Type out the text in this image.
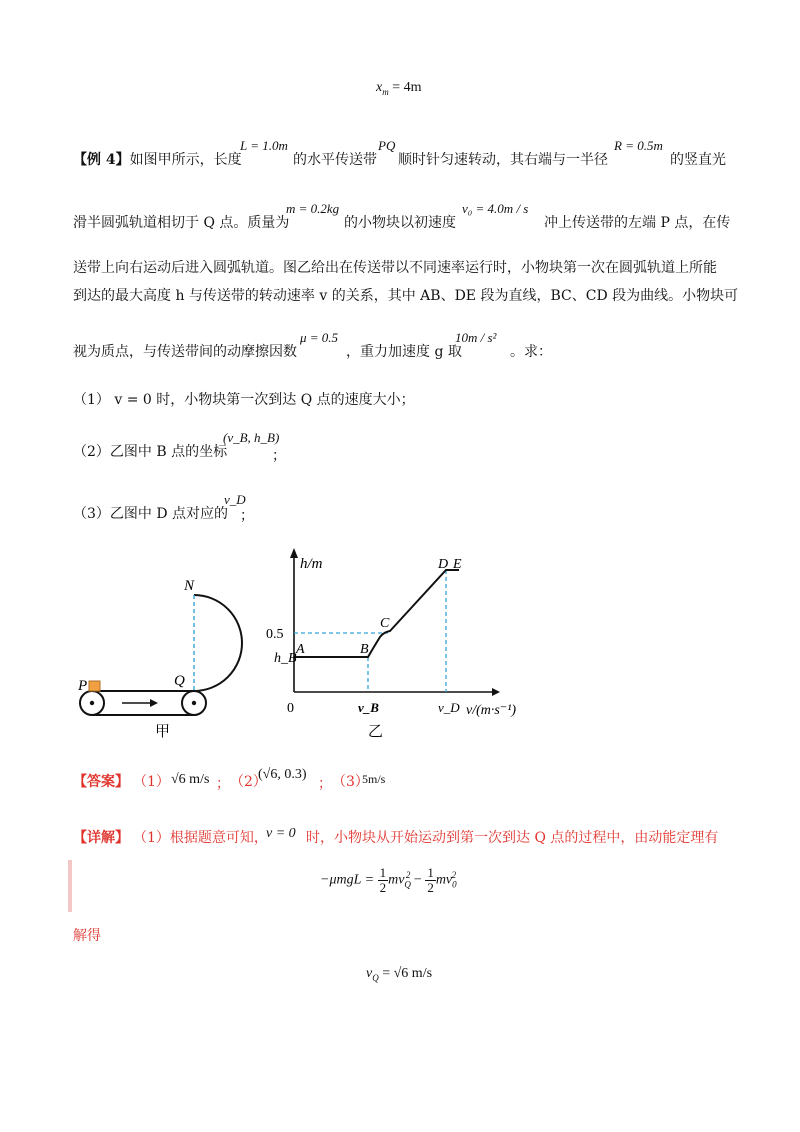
$x_m = 4m$
【例 4】如图甲所示，长度
L = 1.0m
的水平传送带
PQ
顺时针匀速转动，其右端与一半径
R = 0.5m
的竖直光
滑半圆弧轨道相切于 Q 点。质量为
m = 0.2kg
的小物块以初速度
v₀ = 4.0m / s
冲上传送带的左端 P 点，在传
送带上向右运动后进入圆弧轨道。图乙给出在传送带以不同速率运行时，小物块第一次在圆弧轨道上所能
到达的最大高度 h 与传送带的转动速率 v 的关系，其中 AB、DE 段为直线，BC、CD 段为曲线。小物块可
视为质点，与传送带间的动摩擦因数
μ = 0.5
，重力加速度 g 取
10m / s²
。求：
（1） v = 0 时，小物块第一次到达 Q 点的速度大小；
（2）乙图中 B 点的坐标
(v_B, h_B)
；
（3）乙图中 D 点对应的
v_D
；
P	Q
N
甲
h/m
0.5
h_B
A	B
C
D E
0	v_B	v_D v/(m·s⁻¹)
乙
【答案】 （1） √6 m/s ； （2）
(√6, 0.3)
； （3）
5m/s
【详解】 （1）根据题意可知，
v = 0 时，小物块从开始运动到第一次到达 Q 点的过程中，由动能定理有
$-\mu mgL = \frac{1}{2} mv_Q^2 - \frac{1}{2} mv_0^2$
解得
$v_Q = √6$ m/s
